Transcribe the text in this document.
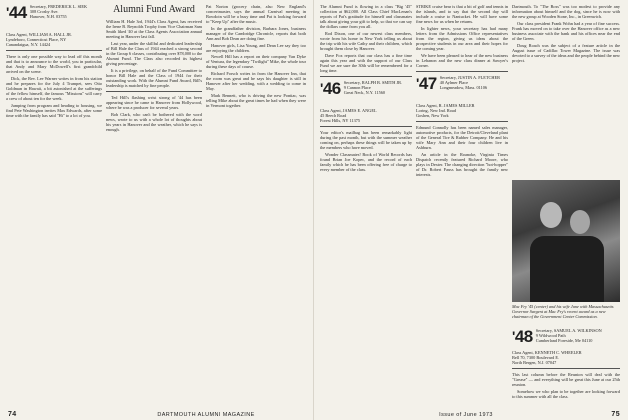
'44 Secretary, FREDERICK L. SIEK
308 Crosby Ave.
Hanover, N.H. 03755
Class Agent, WILLIAM A. HALL JR.
Lyndeboro, Connecticut Place, NY
Canandaigua, N.Y. 14424

There is only one possible way to lead off this month and that is to announce to the world, you in particular, that Andy and Mary McDowell's first grandchild arrived on the scene.

Dick, the Rev. Lee Warner writes in from his station and he prepares for the July 4 Trumpet, sees Otto Goldman in Hawaii, a bit astonished at the sufferings of the fellow himself, the famous "Missions" will carry a crew of about ten for the week.

Jumping from program and heading to housing, we find Pete Washington invites Max Edwards, after some time with the family has said "Hi" to a lot of you.

Alumni Fund Award

William H. Hale 3rd, 1944's Class Agent, has received the Irene B. Reynolds Trophy from Vice Chairman Sam Smith liked '40 at the Class Agents Association annual meeting in Hanover last fall.

Last year, under the skillful and dedicated leadership of Bill Hale the Class of 1944 reached a strong second in the Group 6 classes, contributing over $78,000 to the Alumni Fund. The Class also recorded its highest giving percentage.

It is a privilege, on behalf of the Fund Committee to honor Bill Hale and the Class of 1944 for their outstanding work. With the Alumni Fund Award, Bill's leadership is matched by fine people.

Ted Hill's flashing wrist strong of '44 has been appearing since he came to Hanover from Hollywood, where he was a producer for several years.

Bob Clark, who can't be bothered with the word news, wrote to us with a whole lot of thoughts about his years in Hanover and the weather, which he says is enough.

Pat Norton (grocery chain, also New England's concertmaster, says the annual Carnival meeting in Bowdoin will be a busy time and Pat is looking forward to "Keep Up" after the music.

In the grandfather division, Barbara Jones, business manager of the Cambridge Chronicle, reports that both Ann and Bob Dean are doing fine.

Hanover girls, Lisa Young, and Dean Lee say they too are enjoying the children.

Newell Hill has a report on their company Van Dyke of Ventura, the legendary "Twilight" Mike, the whole tour during these days of course.

Richard Forsch writes in from the Hanover Inn, that the room was great and he says his daughter is still in Hanover after her wedding, with a wedding to come in May.

Mark Bennett, who is driving the new Pontiac, was telling Mike about the great times he had when they were in Vermont together.

74	DARTMOUTH ALUMNI MAGAZINE

The Alumni Fund is flowing in a class "Big '45" collection at $62,000. All Class Chief MacLenan's reports of Pat's gratitude for himself and classmates talk about giving your gift to help, so that we can say the dollars came from you all.

Rod Dixon, one of our newest class members, wrote from his home in New York telling us about the trip with his wife Cathy and their children, which brought them close by Hanover.

Dave Fox reports that our class has a fine time again this year and with the support of our Class Fund we are sure the 30th will be remembered for a long time.

'46 Secretary, RALPH B. SMITH JR.
9 Cannon Place
Great Neck, N.Y. 11560
Class Agent, JAMES E. ANGEL
45 Beech Road
Forest Hills, NY 11375

Your editor's mailbag has been remarkably light during the past month, but with the summer weather coming on, perhaps these things will be taken up by the members who have moved.

Wonder Classmates! Book of World Records has found Brian Joe Kopec, and the record of each family which he has been offering free of charge to every member of the class.

STRIKE cruise bear is that a bit of golf and tennis in the islands, and to say that the second day will include a cruise to Nantucket. He will have some fine news for us when he returns.

In lighter news, your secretary has had many letters from the Admissions Office representatives from the region, giving us ideas about the prospective students in our area and their hopes for the coming year.

We have been pleased to hear of the new business in Lebanon and the new class dinner at Sawyer's Corner.

'47 Secretary, JUSTIN A. FLETCHER
40 Aylmer Place
Longmeadow, Mass. 01106
Class Agent, R. JAMES MILLER
Loring, New Ind. Road
Goshen, New York

Edmund Connolly has been named sales manager, automotive products, for the Detroit/Cleveland plant of the General Tire & Rubber Company. He and his wife Mary Ann and their four children live in Ashburn.

An article in the Roanoke, Virginia Times Dispatch recently featured Richard Moore, who plays in Dexter. The changing direction "hot-hopper" of Dr. Robert Fauss has brought the family new interests.

Mac Fry '45 (center) and his wife Jane with Massachusetts Governor Sargent at Mac Fry's recent award as a new chairman of the Government Center Commission.

Dartmouth. To "The Boss" was too modest to provide any information about himself and the dog, since he is now with the new group at Wooden Stone, Inc., in Greenwich.

Our class president Frank Wohn had a year of fine success. Frank has moved on to take over the Hanover office as a new business associate with the bank and his offices near the end of the Green.

Doug Roach was the subject of a feature article in the August issue of Cadillac Tower Magazine. The issue was devoted to a survey of the ideas and the people behind the new project.

'48 Secretary, SAMUEL A. WILKINSON
9 Wildwood Path
Cumberland Foreside, Me 04110
Class Agent, KENNETH C. WHEELER
Bell 70, 7300 Boulevard E.
North Bergen, N.J. 07047

This last column before the Reunion will deal with the "Grease" — and everything will be great this June at our 25th reunion.

Somehow we who plan to be together are looking forward to this summer with all the class.

Issue of June 1973	75
